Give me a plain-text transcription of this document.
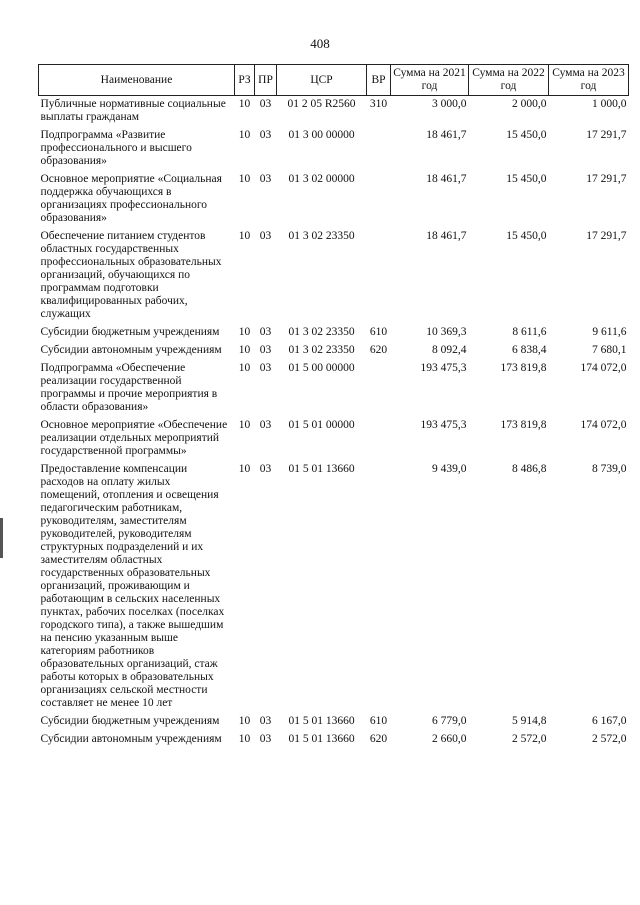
408
Наименование	РЗ	ПР	ЦСР	ВР	Сумма на 2021 год	Сумма на 2022 год	Сумма на 2023 год
Публичные нормативные социальные выплаты гражданам	10	03	01 2 05 R2560	310	3 000,0	2 000,0	1 000,0
Подпрограмма «Развитие профессионального и высшего образования»	10	03	01 3 00 00000		18 461,7	15 450,0	17 291,7
Основное мероприятие «Социальная поддержка обучающихся в организациях профессионального образования»	10	03	01 3 02 00000		18 461,7	15 450,0	17 291,7
Обеспечение питанием студентов областных государственных профессиональных образовательных организаций, обучающихся по программам подготовки квалифицированных рабочих, служащих	10	03	01 3 02 23350		18 461,7	15 450,0	17 291,7
Субсидии бюджетным учреждениям	10	03	01 3 02 23350	610	10 369,3	8 611,6	9 611,6
Субсидии автономным учреждениям	10	03	01 3 02 23350	620	8 092,4	6 838,4	7 680,1
Подпрограмма «Обеспечение реализации государственной программы и прочие мероприятия в области образования»	10	03	01 5 00 00000		193 475,3	173 819,8	174 072,0
Основное мероприятие «Обеспечение реализации отдельных мероприятий государственной программы»	10	03	01 5 01 00000		193 475,3	173 819,8	174 072,0
Предоставление компенсации расходов на оплату жилых помещений, отопления и освещения педагогическим работникам, руководителям, заместителям руководителей, руководителям структурных подразделений и их заместителям областных государственных образовательных организаций, проживающим и работающим в сельских населенных пунктах, рабочих поселках (поселках городского типа), а также вышедшим на пенсию указанным выше категориям работников образовательных организаций, стаж работы которых в образовательных организациях сельской местности составляет не менее 10 лет	10	03	01 5 01 13660		9 439,0	8 486,8	8 739,0
Субсидии бюджетным учреждениям	10	03	01 5 01 13660	610	6 779,0	5 914,8	6 167,0
Субсидии автономным учреждениям	10	03	01 5 01 13660	620	2 660,0	2 572,0	2 572,0
